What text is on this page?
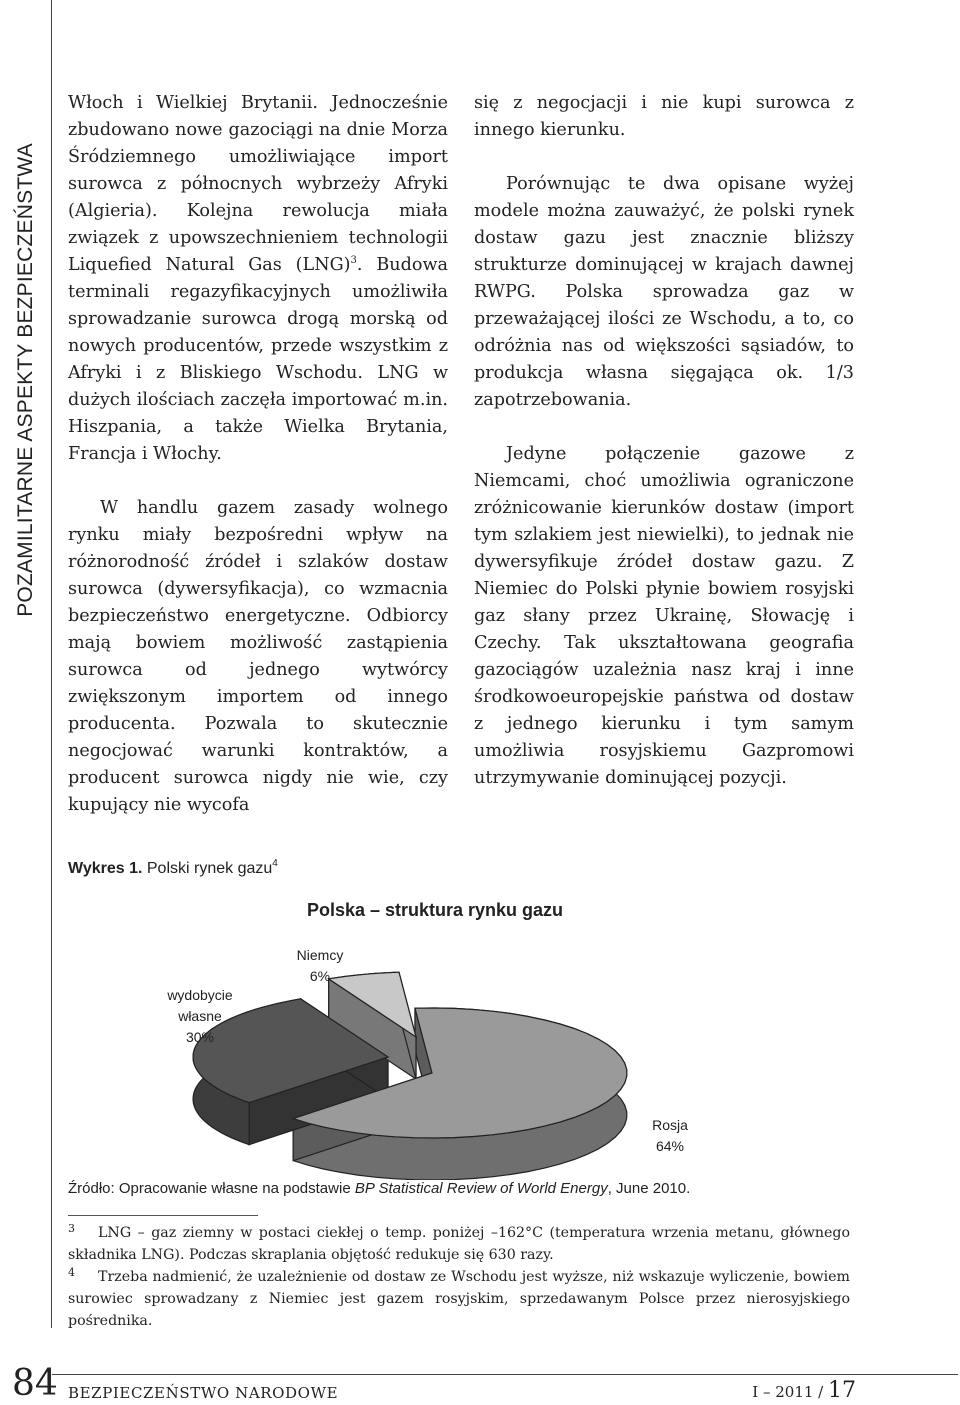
POZAMILITARNE ASPEKTY BEZPIECZEŃSTWA

Włoch i Wielkiej Brytanii. Jednocześnie zbudowano nowe gazociągi na dnie Morza Śródziemnego umożliwiające import surowca z północnych wybrzeży Afryki (Algieria). Kolejna rewolucja miała związek z upowszechnieniem technologii Liquefied Natural Gas (LNG)$^3$. Budowa terminali regazyfikacyjnych umożliwiła sprowadzanie surowca drogą morską od nowych producentów, przede wszystkim z Afryki i z Bliskiego Wschodu. LNG w dużych ilościach zaczęła importować m.in. Hiszpania, a także Wielka Brytania, Francja i Włochy.

W handlu gazem zasady wolnego rynku miały bezpośredni wpływ na różnorodność źródeł i szlaków dostaw surowca (dywersyfikacja), co wzmacnia bezpieczeństwo energetyczne. Odbiorcy mają bowiem możliwość zastąpienia surowca od jednego wytwórcy zwiększonym importem od innego producenta. Pozwala to skutecznie negocjować warunki kontraktów, a producent surowca nigdy nie wie, czy kupujący nie wycofa

się z negocjacji i nie kupi surowca z innego kierunku.

Porównując te dwa opisane wyżej modele można zauważyć, że polski rynek dostaw gazu jest znacznie bliższy strukturze dominującej w krajach dawnej RWPG. Polska sprowadza gaz w przeważającej ilości ze Wschodu, a to, co odróżnia nas od większości sąsiadów, to produkcja własna sięgająca ok. 1/3 zapotrzebowania.

Jedyne połączenie gazowe z Niemcami, choć umożliwia ograniczone zróżnicowanie kierunków dostaw (import tym szlakiem jest niewielki), to jednak nie dywersyfikuje źródeł dostaw gazu. Z Niemiec do Polski płynie bowiem rosyjski gaz słany przez Ukrainę, Słowację i Czechy. Tak ukształtowana geografia gazociągów uzależnia nasz kraj i inne środkowoeuropejskie państwa od dostaw z jednego kierunku i tym samym umożliwia rosyjskiemu Gazpromowi utrzymywanie dominującej pozycji.

Wykres 1. Polski rynek gazu$^4$
Polska – struktura rynku gazu
Rosja 64%
wydobycie własne 30%
Niemcy 6%
Źródło: Opracowanie własne na podstawie BP Statistical Review of World Energy, June 2010.
3 LNG – gaz ziemny w postaci ciekłej o temp. poniżej –162°C (temperatura wrzenia metanu, głównego składnika LNG). Podczas skraplania objętość redukuje się 630 razy.
4 Trzeba nadmienić, że uzależnienie od dostaw ze Wschodu jest wyższe, niż wskazuje wyliczenie, bowiem surowiec sprowadzany z Niemiec jest gazem rosyjskim, sprzedawanym Polsce przez nierosyjskiego pośrednika.
84 BEZPIECZEŃSTWO NARODOWE	I – 2011 / 17
